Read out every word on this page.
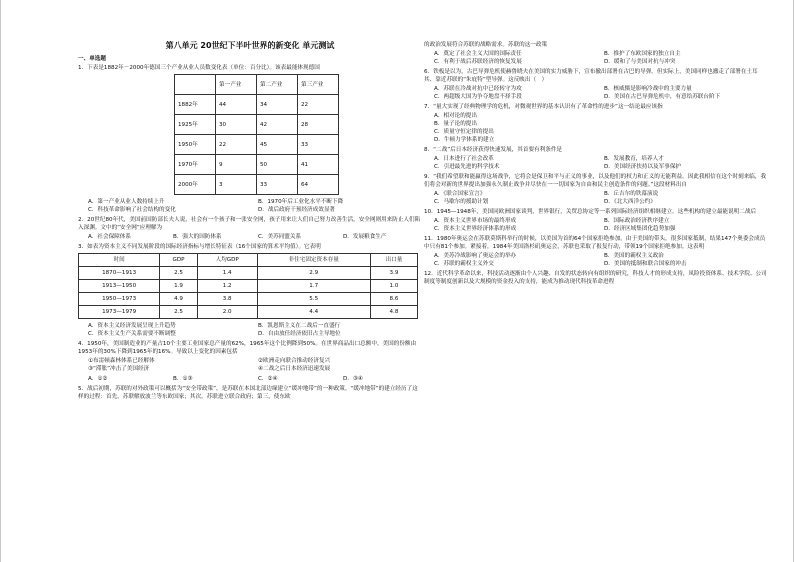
第八单元 20世纪下半叶世界的新变化 单元测试
一、单选题
1．下表是1882年－2000年德国三个产业从业人员数变化表（单位：百分比）。该表最能体现德国
	第一产业	第二产业	第三产业
1882年	44	34	22
1925年	30	42	28
1950年	22	45	33
1970年	9	50	41
2000年	3	33	64
A．第一产业从业人数持续上升	B．1970年后工业化水平不断下降
C．科技革命影响了社会结构的变化	D．战后政府干预经济成效显著
2．20世纪80年代，美国前国防部长夫人说，社会有一个孩子和一张安全网，孩子用来让人们自己努力改善生活，安全网则用来防止人们陷入深渊。文中的“安全网”应理解为
A．社会保障体系	B．强大的国防体系	C．美苏同盟关系	D．发展粮食生产
3．如表为资本主义不同发展阶段的国际经济指标与增长特征表（16个国家的算术平均值）。它表明
时间	GDP	人均GDP	非住宅固定资本存量	出口量
1870—1913	2.5	1.4	2.9	3.9
1913—1950	1.9	1.2	1.7	1.0
1950—1973	4.9	3.8	5.5	8.6
1973—1979	2.5	2.0	4.4	4.8
A．资本主义经济发展呈现上升趋势	B．凯恩斯主义在二战后一直盛行
C．资本主义生产关系需要不断调整	D．自由放任经济依旧占主导地位
4．1950年，美国制造业的产量占10个主要工业国家总产量的62%，1965年这个比例降到50%。在世界商品出口总额中，美国的份额由1953年的30%下降到1965年的16%。导致以上变化的因素包括
①布雷顿森林体系已经解体	②欧洲走向联合推动经济复兴
③“滞胀”冲击了美国经济	④二战之后日本经济迅速发展
A．①②	B．①③	C．②④	D．③④
5．战后初期，苏联的对外政策可以概括为“安全带政策”，是苏联在本国北部边缘建立“缓冲地带”的一种政策。“缓冲地带”的建立经历了这样的过程：首先，苏联解放波兰等东欧国家；其次，苏联进立联合政府；第三，使东欧
的政治发展符合苏联的战略需求。苏联的这一政策
A．奠定了社会主义大国的国际责任	B．推护了东欧国家的独立自主
C．有利于战后苏联经济的恢复发展	D．缓和了与美国对抗与冲突
6．铁板是以为，古巴导弹危机使赫鲁晓夫在美国的实力威胁下，宣布撤出部署在古巴的导弹。但实际上，美国同样也撤走了部署在土耳其、靠近苏联的“朱庇特”型导弹。这反映出（　）
A．苏联在冷战对抗中已经转守为攻	B．核威慑是影响冷战中的主要力量
C．两超级大国为争夺地盘不择手段	D．美国在古巴导弹危机中，有意给苏联台阶下
7．“量大实现了经典物理学的危机，对微观世界的基本认识有了革命性的进步”这一结论最应该指
A．相对论的提出
B．量子论的提出
C．质量守恒定律的提出
D．牛顿力学体系的建立
8．“二战”后日本经济获得快速发展，其首要有利条件是
A．日本进行了社会改革	B．发展教育，培养人才
C．引进最先进的科学技术	D．美国经济扶持以及军事保护
9．“我们希望联和能赢得这场战争，它将会是保卫和平与正义的事业，以及他们的权力和正义的无能利益。因此我相信在这个时刻来临，我们将会对新的世界提出加强永久制止战争并尽快在一一切国家为自由和民主创造条件的问题。”这段材料出自
A．《联合国家宣言》	B．丘吉尔的铁幕演说
C．马歇尔的援助计划	D．《北大西洋公约》
10．1945—1948年，美国同欧洲国家谈判，世界银行，关贸总协定等一系列国际经济组织相继建立。这些机构的建立最能说明二战后
A．资本主义世界市场的最终形成	B．国际政治经济秩序建立
C．资本主义世界经济体系的形成	D．经济区域集团化趋势加强
11．1980年奥运会在苏联莫斯科举行的时候，以美国为首的64个国家拒绝参加。由于美国的带头，很多国家抵制，结果147个奥委会成员中只有81个参加。紧接着，1984年美国洛杉矶奥运会，苏联也采取了报复行动，带领19个国家拒绝参加。这表明
A．美苏冷战影响了奥运会的举办	B．美国的霸权主义政治
C．苏联的霸权主义外交	D．美国的抵制和联合国家的冲击
12．近代科学革命以来，科技活动逐渐由个人兴趣、自发的状态转向有组织的研究，科技人才的形成支持，凤险投资体系、技术学院、公司制度等制度创新以及大规模的资金投入的支持，能成为推动现代科技革命进程
